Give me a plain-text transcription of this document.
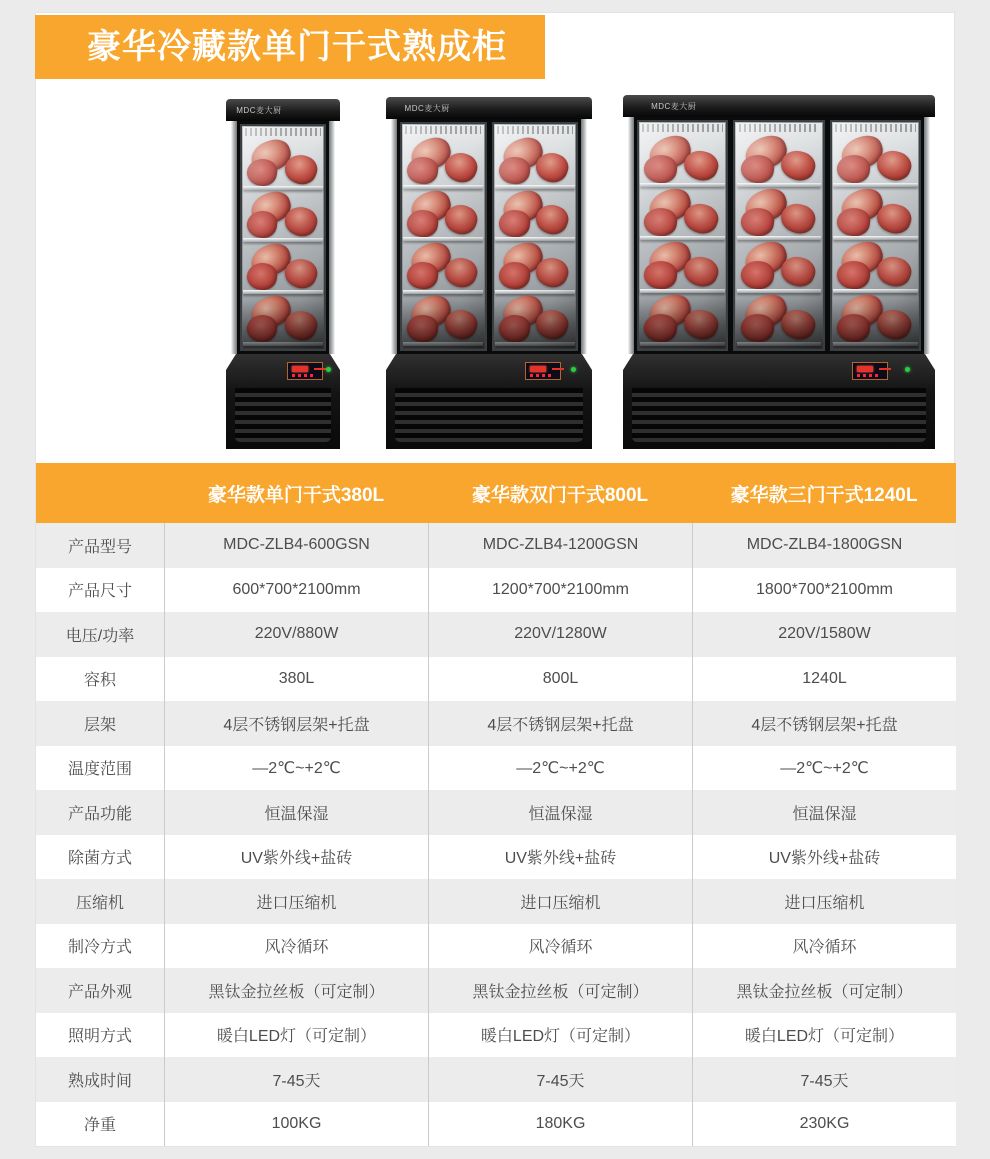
豪华冷藏款单门干式熟成柜
MDC麦大厨	MDC麦大厨	MDC麦大厨
豪华款单门干式380L	豪华款双门干式800L	豪华款三门干式1240L
产品型号	MDC-ZLB4-600GSN	MDC-ZLB4-1200GSN	MDC-ZLB4-1800GSN
产品尺寸	600*700*2100mm	1200*700*2100mm	1800*700*2100mm
电压/功率	220V/880W	220V/1280W	220V/1580W
容积	380L	800L	1240L
层架	4层不锈钢层架+托盘	4层不锈钢层架+托盘	4层不锈钢层架+托盘
温度范围	—2℃~+2℃	—2℃~+2℃	—2℃~+2℃
产品功能	恒温保湿	恒温保湿	恒温保湿
除菌方式	UV紫外线+盐砖	UV紫外线+盐砖	UV紫外线+盐砖
压缩机	进口压缩机	进口压缩机	进口压缩机
制冷方式	风冷循环	风冷循环	风冷循环
产品外观	黑钛金拉丝板（可定制）	黑钛金拉丝板（可定制）	黑钛金拉丝板（可定制）
照明方式	暖白LED灯（可定制）	暖白LED灯（可定制）	暖白LED灯（可定制）
熟成时间	7-45天	7-45天	7-45天
净重	100KG	180KG	230KG
